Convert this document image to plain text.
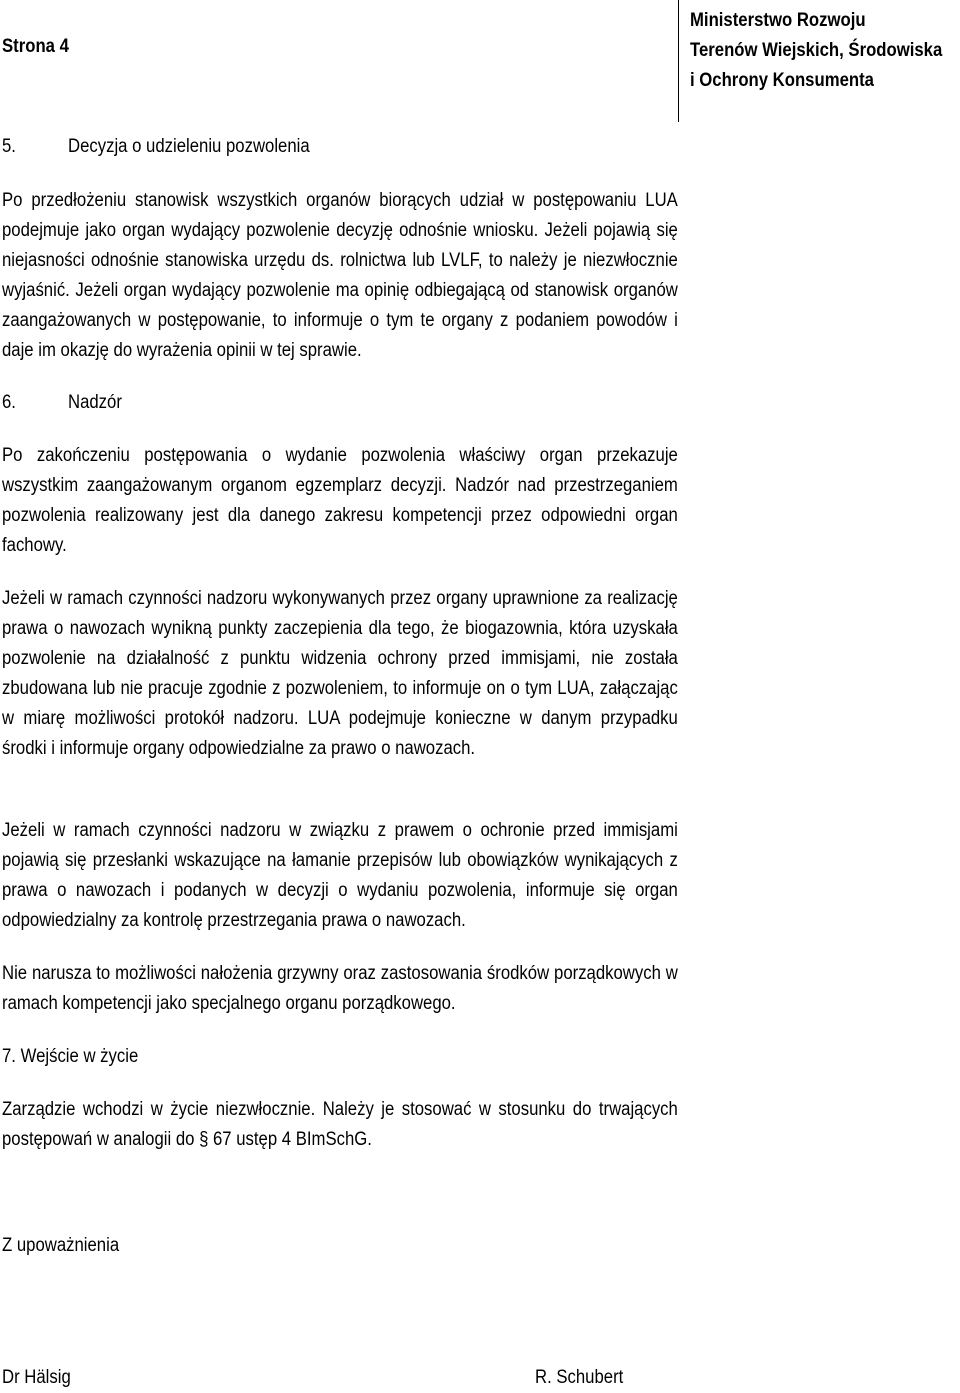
Strona 4
Ministerstwo Rozwoju
Terenów Wiejskich, Środowiska
i Ochrony Konsumenta
5.	Decyzja o udzieleniu pozwolenia

Po przedłożeniu stanowisk wszystkich organów biorących udział w postępowaniu LUA podejmuje jako organ wydający pozwolenie decyzję odnośnie wniosku. Jeżeli pojawią się niejasności odnośnie stanowiska urzędu ds. rolnictwa lub LVLF, to należy je niezwłocznie wyjaśnić. Jeżeli organ wydający pozwolenie ma opinię odbiegającą od stanowisk organów zaangażowanych w postępowanie, to informuje o tym te organy z podaniem powodów i daje im okazję do wyrażenia opinii w tej sprawie.

6.	Nadzór

Po zakończeniu postępowania o wydanie pozwolenia właściwy organ przekazuje wszystkim zaangażowanym organom egzemplarz decyzji. Nadzór nad przestrzeganiem pozwolenia realizowany jest dla danego zakresu kompetencji przez odpowiedni organ fachowy.

Jeżeli w ramach czynności nadzoru wykonywanych przez organy uprawnione za realizację prawa o nawozach wynikną punkty zaczepienia dla tego, że biogazownia, która uzyskała pozwolenie na działalność z punktu widzenia ochrony przed immisjami, nie została zbudowana lub nie pracuje zgodnie z pozwoleniem, to informuje on o tym LUA, załączając w miarę możliwości protokół nadzoru. LUA podejmuje konieczne w danym przypadku środki i informuje organy odpowiedzialne za prawo o nawozach.

Jeżeli w ramach czynności nadzoru w związku z prawem o ochronie przed immisjami pojawią się przesłanki wskazujące na łamanie przepisów lub obowiązków wynikających z prawa o nawozach i podanych w decyzji o wydaniu pozwolenia, informuje się organ odpowiedzialny za kontrolę przestrzegania prawa o nawozach.

Nie narusza to możliwości nałożenia grzywny oraz zastosowania środków porządkowych w ramach kompetencji jako specjalnego organu porządkowego.

7. Wejście w życie

Zarządzie wchodzi w życie niezwłocznie. Należy je stosować w stosunku do trwających postępowań w analogii do § 67 ustęp 4 BImSchG.

Z upoważnienia
Dr Hälsig	R. Schubert
